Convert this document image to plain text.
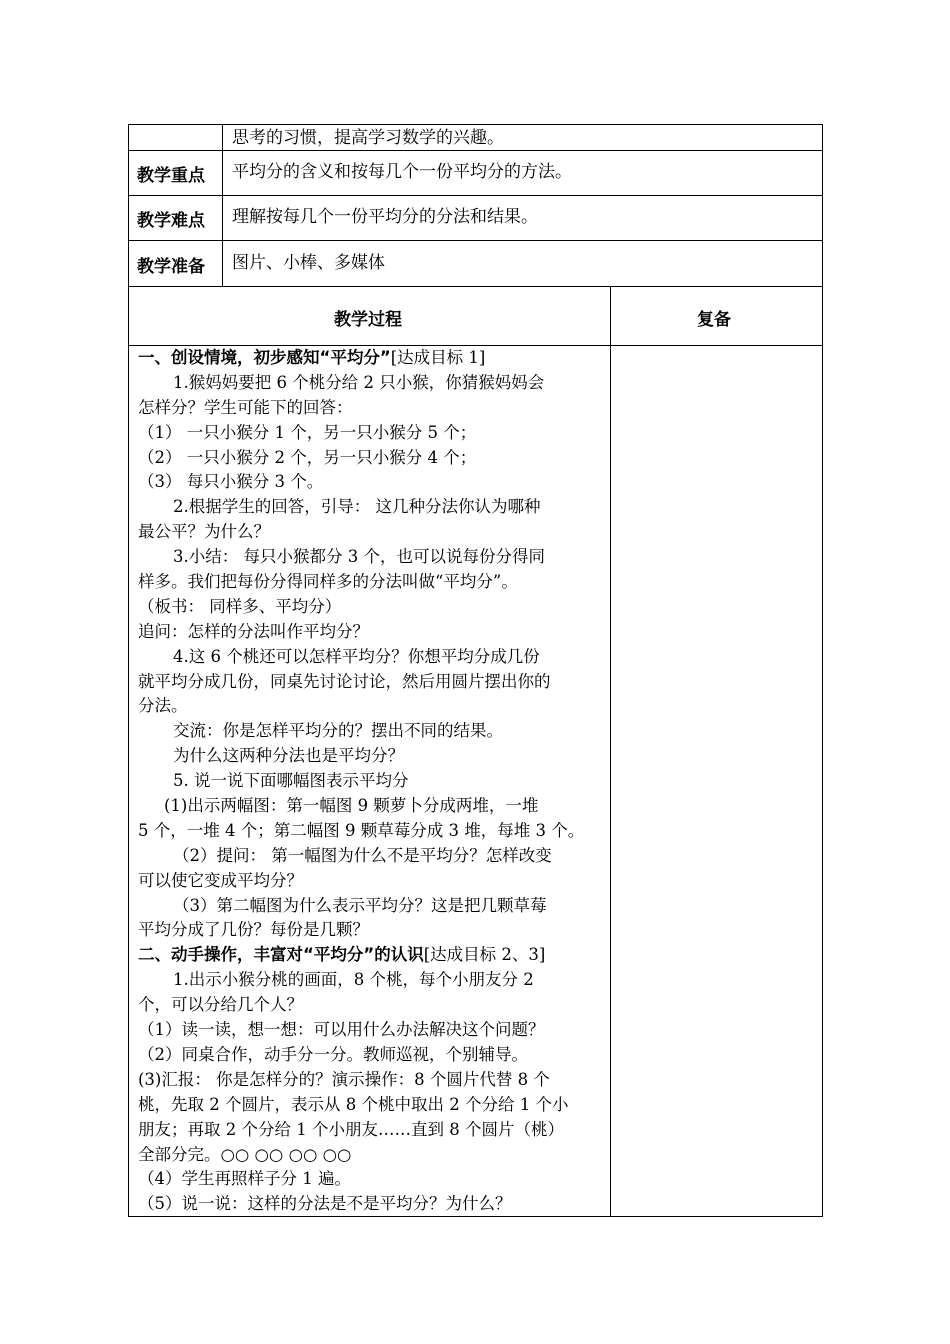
思考的习惯，提高学习数学的兴趣。
教学重点 平均分的含义和按每几个一份平均分的方法。
教学难点 理解按每几个一份平均分的分法和结果。
教学准备 图片、小棒、多媒体
教学过程	复备
一、创设情境，初步感知“平均分”[达成目标 1]
1.猴妈妈要把 6 个桃分给 2 只小猴，你猜猴妈妈会
怎样分？学生可能下的回答：
（1） 一只小猴分 1 个，另一只小猴分 5 个；
（2） 一只小猴分 2 个，另一只小猴分 4 个；
（3） 每只小猴分 3 个。
2.根据学生的回答，引导： 这几种分法你认为哪种
最公平？为什么？
3.小结： 每只小猴都分 3 个，也可以说每份分得同
样多。我们把每份分得同样多的分法叫做“平均分”。
（板书： 同样多、平均分）
追问：怎样的分法叫作平均分？
4.这 6 个桃还可以怎样平均分？你想平均分成几份
就平均分成几份，同桌先讨论讨论，然后用圆片摆出你的
分法。
交流：你是怎样平均分的？摆出不同的结果。
为什么这两种分法也是平均分？
5. 说一说下面哪幅图表示平均分
(1)出示两幅图：第一幅图 9 颗萝卜分成两堆，一堆
5 个，一堆 4 个；第二幅图 9 颗草莓分成 3 堆，每堆 3 个。
（2）提问： 第一幅图为什么不是平均分？怎样改变
可以使它变成平均分？
（3）第二幅图为什么表示平均分？这是把几颗草莓
平均分成了几份？每份是几颗？
二、动手操作，丰富对“平均分”的认识[达成目标 2、3]
1.出示小猴分桃的画面，8 个桃，每个小朋友分 2
个，可以分给几个人？
（1）读一读，想一想：可以用什么办法解决这个问题？
（2）同桌合作，动手分一分。教师巡视，个别辅导。
(3)汇报： 你是怎样分的？演示操作：8 个圆片代替 8 个
桃，先取 2 个圆片，表示从 8 个桃中取出 2 个分给 1 个小
朋友；再取 2 个分给 1 个小朋友……直到 8 个圆片（桃）
全部分完。○○ ○○ ○○ ○○
（4）学生再照样子分 1 遍。
（5）说一说：这样的分法是不是平均分？为什么？
